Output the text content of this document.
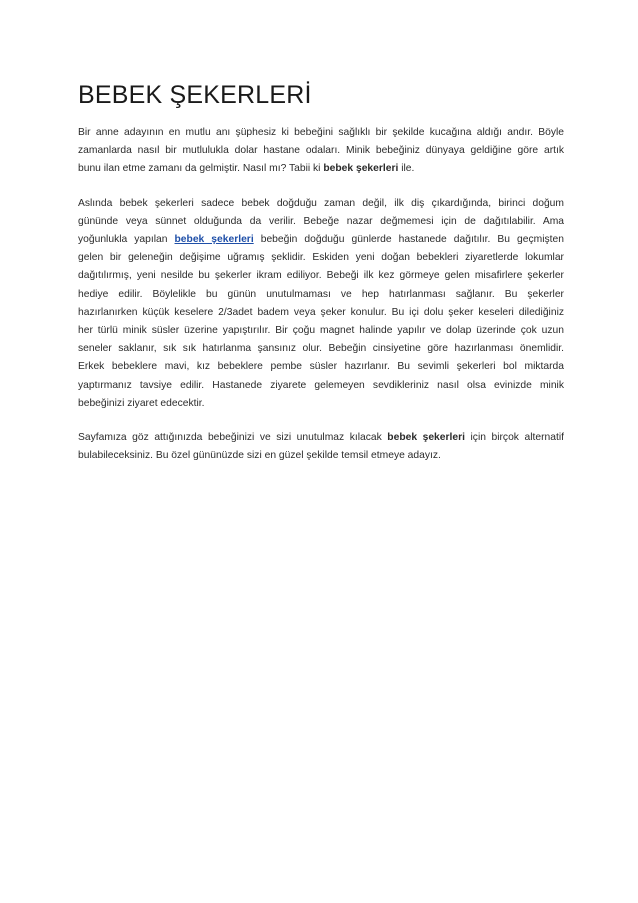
BEBEK ŞEKERLERİ

Bir anne adayının en mutlu anı şüphesiz ki bebeğini sağlıklı bir şekilde kucağına aldığı andır. Böyle
zamanlarda nasıl bir mutlulukla dolar hastane odaları. Minik bebeğiniz dünyaya geldiğine göre artık
bunu ilan etme zamanı da gelmiştir. Nasıl mı? Tabii ki bebek şekerleri ile.

Aslında bebek şekerleri sadece bebek doğduğu zaman değil, ilk diş çıkardığında, birinci doğum
gününde veya sünnet olduğunda da verilir. Bebeğe nazar değmemesi için de dağıtılabilir. Ama
yoğunlukla yapılan bebek şekerleri bebeğin doğduğu günlerde hastanede dağıtılır. Bu geçmişten
gelen bir geleneğin değişime uğramış şeklidir. Eskiden yeni doğan bebekleri ziyaretlerde lokumlar
dağıtılırmış, yeni nesilde bu şekerler ikram ediliyor. Bebeği ilk kez görmeye gelen misafirlere şekerler
hediye edilir. Böylelikle bu günün unutulmaması ve hep hatırlanması sağlanır. Bu şekerler
hazırlanırken küçük keselere 2/3adet badem veya şeker konulur. Bu içi dolu şeker keseleri dilediğiniz
her türlü minik süsler üzerine yapıştırılır. Bir çoğu magnet halinde yapılır ve dolap üzerinde çok uzun
seneler saklanır, sık sık hatırlanma şansınız olur. Bebeğin cinsiyetine göre hazırlanması önemlidir.
Erkek bebeklere mavi, kız bebeklere pembe süsler hazırlanır. Bu sevimli şekerleri bol miktarda
yaptırmanız tavsiye edilir. Hastanede ziyarete gelemeyen sevdikleriniz nasıl olsa evinizde minik
bebeğinizi ziyaret edecektir.

Sayfamıza göz attığınızda bebeğinizi ve sizi unutulmaz kılacak bebek şekerleri için birçok alternatif
bulabileceksiniz. Bu özel gününüzde sizi en güzel şekilde temsil etmeye adayız.
